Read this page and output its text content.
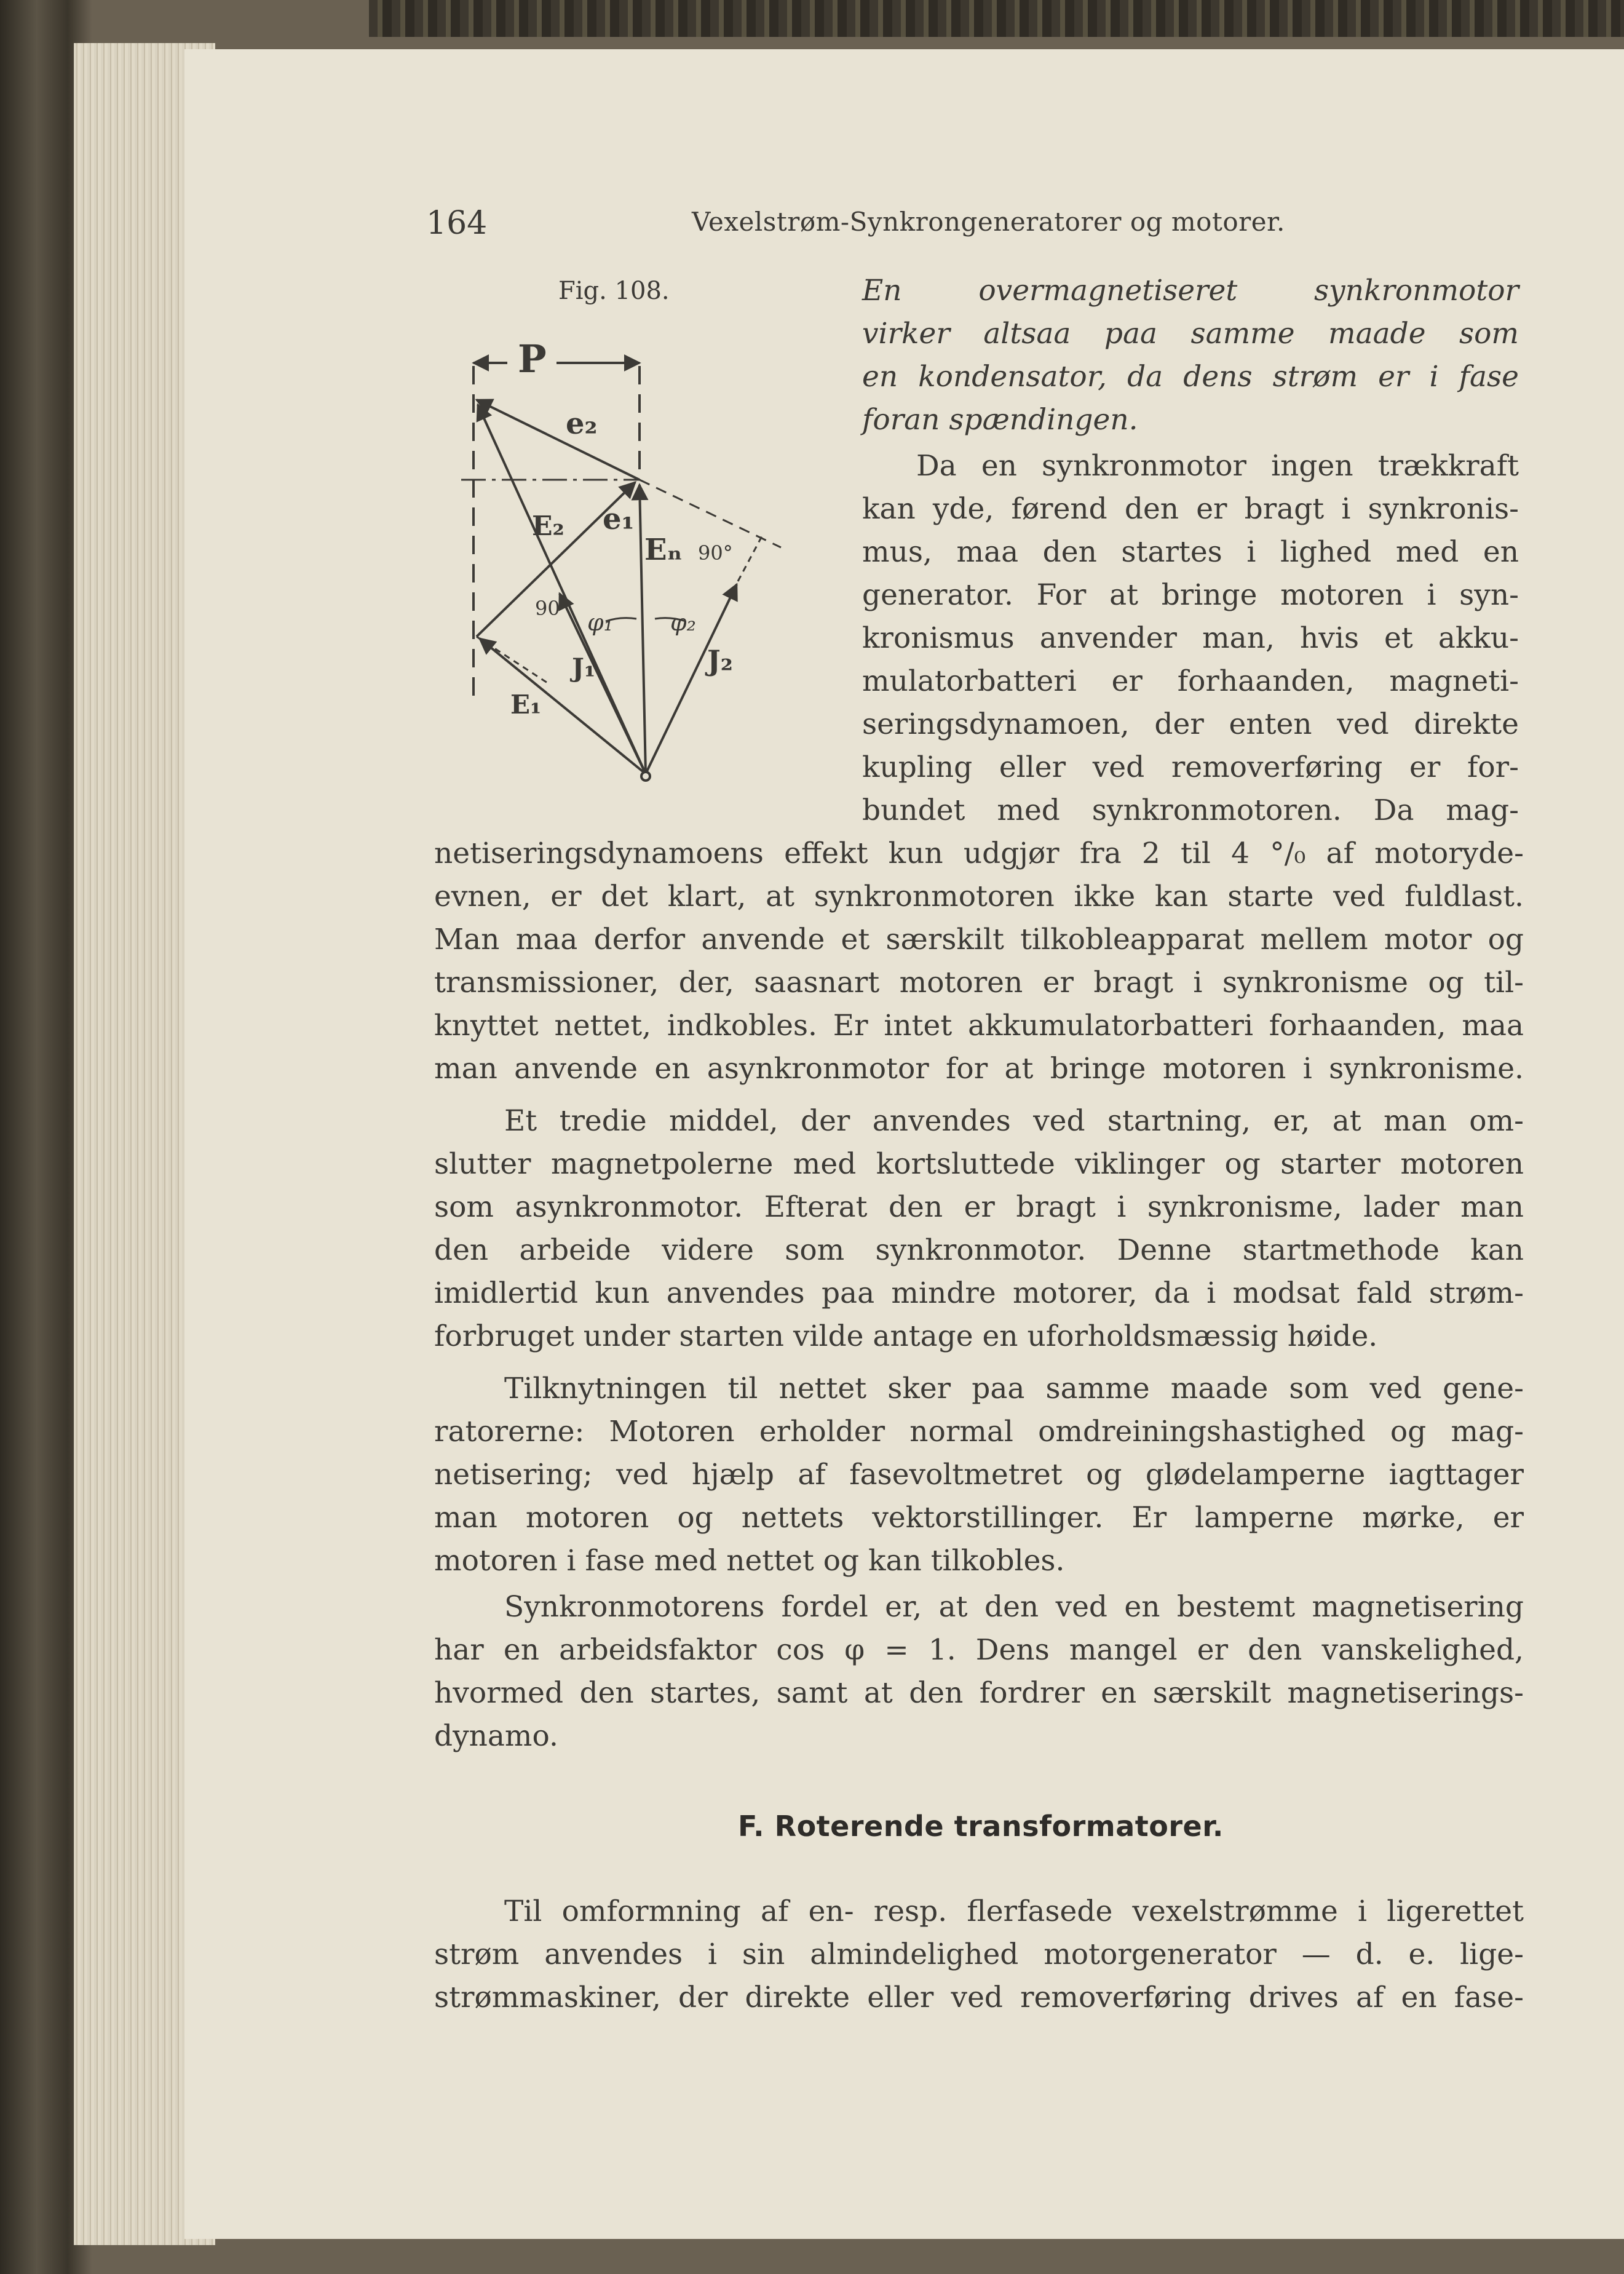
164	Vexelstrøm-Synkrongeneratorer og motorer.
Fig. 108.
P
e₂
e₁
E₂
Eₙ
E₁
J₁	J₂
φ₁ φ₂
90°
90°
En overmagnetiseret synkronmotor
virker altsaa paa samme maade som
en kondensator, da dens strøm er i fase
foran spændingen.
Da en synkronmotor ingen trækkraft
kan yde, førend den er bragt i synkronis-
mus, maa den startes i lighed med en
generator. For at bringe motoren i syn-
kronismus anvender man, hvis et akku-
mulatorbatteri er forhaanden, magneti-
seringsdynamoen, der enten ved direkte
kupling eller ved removerføring er for-
bundet med synkronmotoren. Da mag-
netiseringsdynamoens effekt kun udgjør fra 2 til 4 °/₀ af motoryde-
evnen, er det klart, at synkronmotoren ikke kan starte ved fuldlast.
Man maa derfor anvende et særskilt tilkobleapparat mellem motor og
transmissioner, der, saasnart motoren er bragt i synkronisme og til-
knyttet nettet, indkobles. Er intet akkumulatorbatteri forhaanden, maa
man anvende en asynkronmotor for at bringe motoren i synkronisme.
Et tredie middel, der anvendes ved startning, er, at man om-
slutter magnetpolerne med kortsluttede viklinger og starter motoren
som asynkronmotor. Efterat den er bragt i synkronisme, lader man
den arbeide videre som synkronmotor. Denne startmethode kan
imidlertid kun anvendes paa mindre motorer, da i modsat fald strøm-
forbruget under starten vilde antage en uforholdsmæssig høide.
Tilknytningen til nettet sker paa samme maade som ved gene-
ratorerne: Motoren erholder normal omdreiningshastighed og mag-
netisering; ved hjælp af fasevoltmetret og glødelamperne iagttager
man motoren og nettets vektorstillinger. Er lamperne mørke, er
motoren i fase med nettet og kan tilkobles.
Synkronmotorens fordel er, at den ved en bestemt magnetisering
har en arbeidsfaktor cos φ = 1. Dens mangel er den vanskelighed,
hvormed den startes, samt at den fordrer en særskilt magnetiserings-
dynamo.
F. Roterende transformatorer.
Til omformning af en- resp. flerfasede vexelstrømme i ligerettet
strøm anvendes i sin almindelighed motorgenerator — d. e. lige-
strømmaskiner, der direkte eller ved removerføring drives af en fase-
